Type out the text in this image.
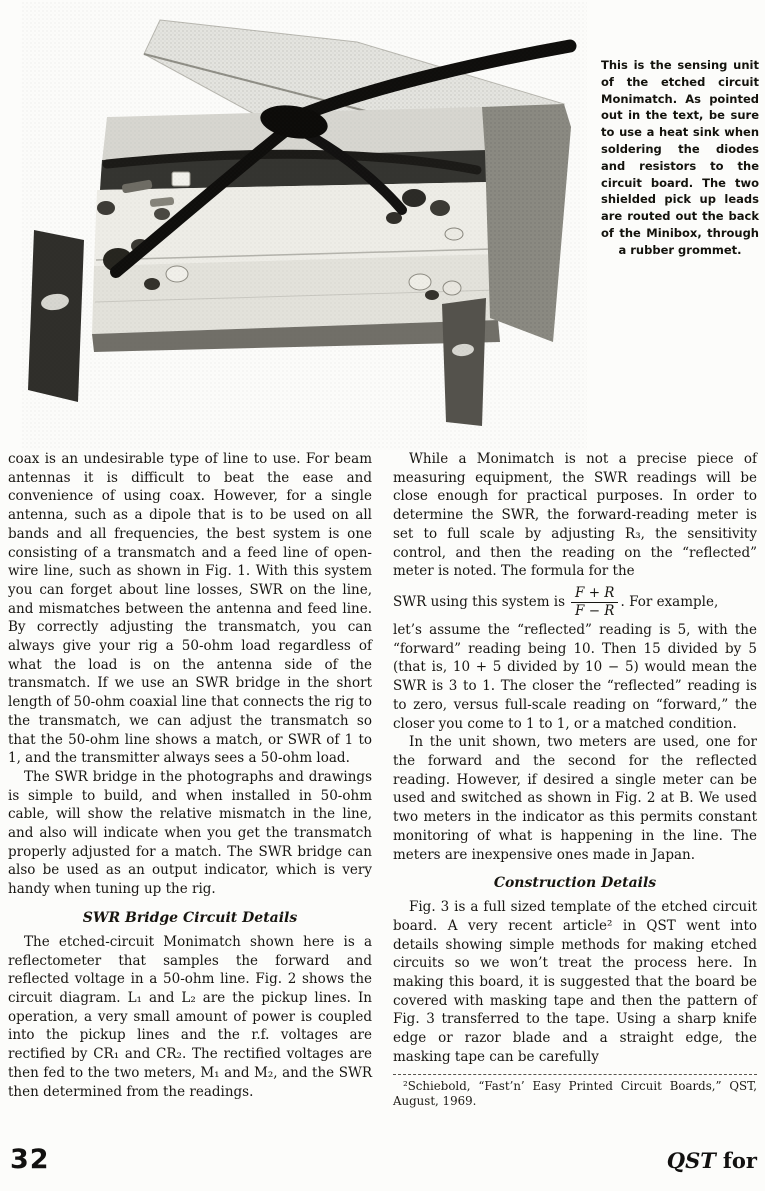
This is the sensing unit of the etched circuit Monimatch. As pointed out in the text, be sure to use a heat sink when soldering the diodes and resistors to the circuit board. The two shielded pick up leads are routed out the back of the Minibox, through a rubber grommet.

coax is an undesirable type of line to use. For beam antennas it is difficult to beat the ease and convenience of using coax. However, for a single antenna, such as a dipole that is to be used on all bands and all frequencies, the best system is one consisting of a transmatch and a feed line of open-wire line, such as shown in Fig. 1. With this system you can forget about line losses, SWR on the line, and mismatches between the antenna and feed line. By correctly adjusting the transmatch, you can always give your rig a 50-ohm load regardless of what the load is on the antenna side of the transmatch. If we use an SWR bridge in the short length of 50-ohm coaxial line that connects the rig to the transmatch, we can adjust the transmatch so that the 50-ohm line shows a match, or SWR of 1 to 1, and the transmitter always sees a 50-ohm load.

The SWR bridge in the photographs and drawings is simple to build, and when installed in 50-ohm cable, will show the relative mismatch in the line, and also will indicate when you get the transmatch properly adjusted for a match. The SWR bridge can also be used as an output indicator, which is very handy when tuning up the rig.

SWR Bridge Circuit Details

The etched-circuit Monimatch shown here is a reflectometer that samples the forward and reflected voltage in a 50-ohm line. Fig. 2 shows the circuit diagram. L₁ and L₂ are the pickup lines. In operation, a very small amount of power is coupled into the pickup lines and the r.f. voltages are rectified by CR₁ and CR₂. The rectified voltages are then fed to the two meters, M₁ and M₂, and the SWR then determined from the readings.

While a Monimatch is not a precise piece of measuring equipment, the SWR readings will be close enough for practical purposes. In order to determine the SWR, the forward-reading meter is set to full scale by adjusting R₃, the sensitivity control, and then the reading on the “reflected” meter is noted. The formula for the

SWR using this system is $\frac{F + R}{F - R}$ . For example,

let’s assume the “reflected” reading is 5, with the “forward” reading being 10. Then 15 divided by 5 (that is, 10 + 5 divided by 10 − 5) would mean the SWR is 3 to 1. The closer the “reflected” reading is to zero, versus full-scale reading on “forward,” the closer you come to 1 to 1, or a matched condition.

In the unit shown, two meters are used, one for the forward and the second for the reflected reading. However, if desired a single meter can be used and switched as shown in Fig. 2 at B. We used two meters in the indicator as this permits constant monitoring of what is happening in the line. The meters are inexpensive ones made in Japan.

Construction Details

Fig. 3 is a full sized template of the etched circuit board. A very recent article² in QST went into details showing simple methods for making etched circuits so we won’t treat the process here. In making this board, it is suggested that the board be covered with masking tape and then the pattern of Fig. 3 transferred to the tape. Using a sharp knife edge or razor blade and a straight edge, the masking tape can be carefully

²Schiebold, “Fast’n’ Easy Printed Circuit Boards,” QST, August, 1969.
32	QST for
